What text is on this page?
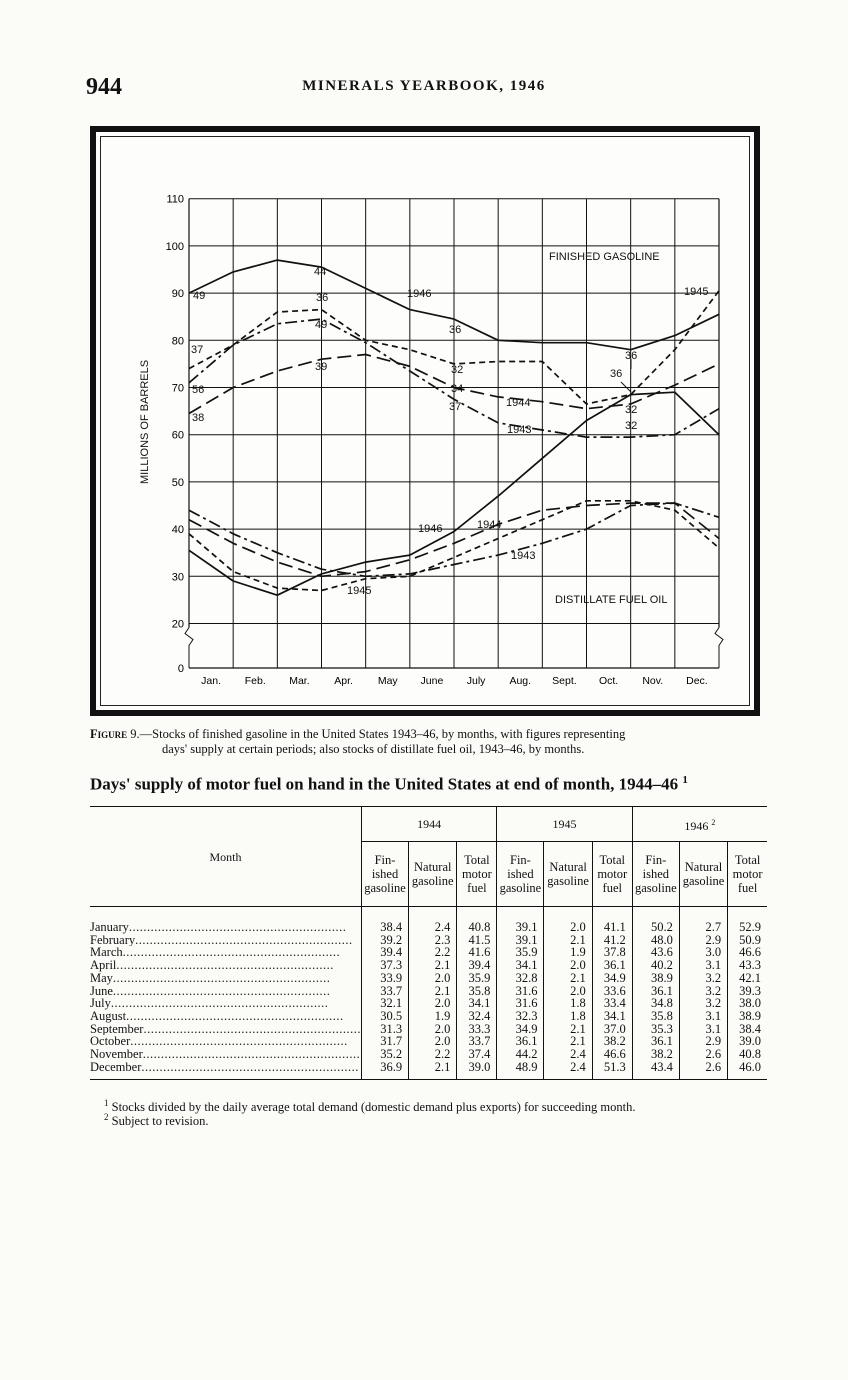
944	MINERALS YEARBOOK, 1946
0
20
30
40
50
60
70
80
90
100
110
Jan. Feb. Mar. Apr. May June July Aug. Sept. Oct. Nov. Dec.
MILLIONS OF BARRELS
FINISHED GASOLINE
DISTILLATE FUEL OIL
1946	1945
1944
1943
1946
1945
1944
1943
49
37
56
38
44
36
49
39
36
32
34
37
36
36
32
32
Figure 9.—Stocks of finished gasoline in the United States 1943–46, by months, with figures representing
days' supply at certain periods; also stocks of distillate fuel oil, 1943–46, by months.
Days' supply of motor fuel on hand in the United States at end of month, 1944–46 $^1$
Month	1944			1945			1946 $^2$
	Fin-ished gasoline	Natural gasoline	Total motor fuel	Fin-ished gasoline	Natural gasoline	Total motor fuel	Fin-ished gasoline	Natural gasoline	Total motor fuel
January............................................................	38.4	2.4	40.8	39.1	2.0	41.1	50.2	2.7	52.9
February............................................................	39.2	2.3	41.5	39.1	2.1	41.2	48.0	2.9	50.9
March............................................................	39.4	2.2	41.6	35.9	1.9	37.8	43.6	3.0	46.6
April............................................................	37.3	2.1	39.4	34.1	2.0	36.1	40.2	3.1	43.3
May............................................................	33.9	2.0	35.9	32.8	2.1	34.9	38.9	3.2	42.1
June............................................................	33.7	2.1	35.8	31.6	2.0	33.6	36.1	3.2	39.3
July............................................................	32.1	2.0	34.1	31.6	1.8	33.4	34.8	3.2	38.0
August............................................................	30.5	1.9	32.4	32.3	1.8	34.1	35.8	3.1	38.9
September............................................................	31.3	2.0	33.3	34.9	2.1	37.0	35.3	3.1	38.4
October............................................................	31.7	2.0	33.7	36.1	2.1	38.2	36.1	2.9	39.0
November............................................................	35.2	2.2	37.4	44.2	2.4	46.6	38.2	2.6	40.8
December............................................................	36.9	2.1	39.0	48.9	2.4	51.3	43.4	2.6	46.0
$^1$ Stocks divided by the daily average total demand (domestic demand plus exports) for succeeding month.
$^2$ Subject to revision.
